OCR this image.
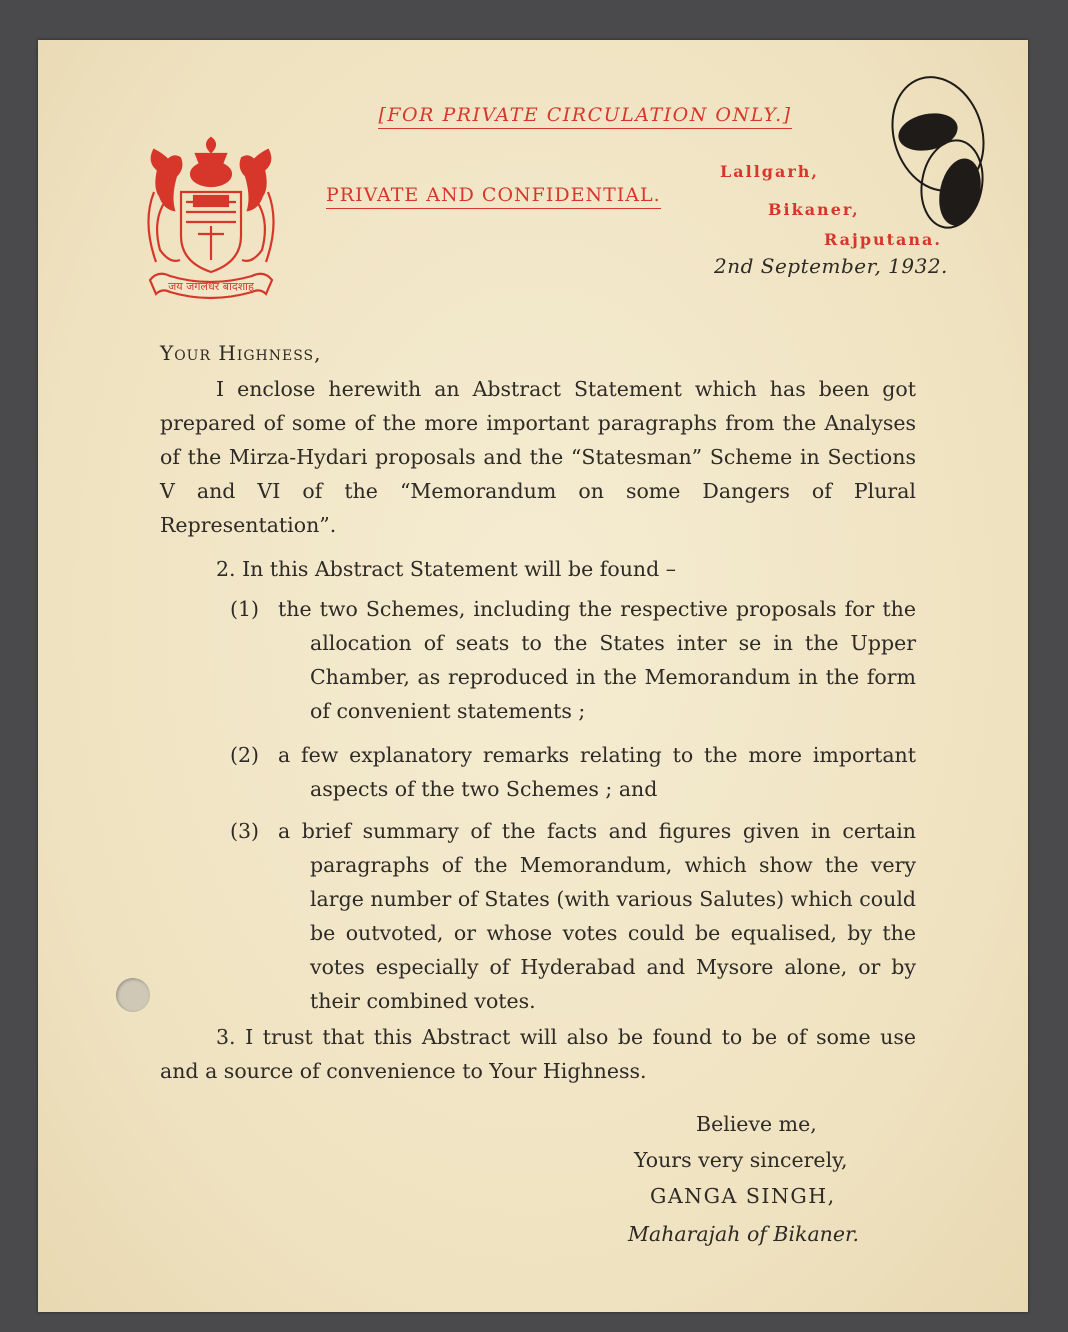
जय जंगलधर बादशाह
[FOR PRIVATE CIRCULATION ONLY.]
PRIVATE AND CONFIDENTIAL.
Lallgarh,
Bikaner,
Rajputana.
2nd September, 1932.
Your Highness,
I enclose herewith an Abstract Statement which has been got prepared of some of the more important paragraphs from the Analyses of the Mirza-Hydari proposals and the “Statesman” Scheme in Sections V and VI of the “Memorandum on some Dangers of Plural Representation”.
2. In this Abstract Statement will be found –
(1) the two Schemes, including the respective proposals for the allocation of seats to the States inter se in the Upper Chamber, as reproduced in the Memorandum in the form of convenient statements ;
(2) a few explanatory remarks relating to the more important aspects of the two Schemes ; and
(3) a brief summary of the facts and figures given in certain paragraphs of the Memorandum, which show the very large number of States (with various Salutes) which could be outvoted, or whose votes could be equalised, by the votes especially of Hyderabad and Mysore alone, or by their combined votes.
3. I trust that this Abstract will also be found to be of some use and a source of convenience to Your Highness.
Believe me,
Yours very sincerely,
GANGA SINGH,
Maharajah of Bikaner.
